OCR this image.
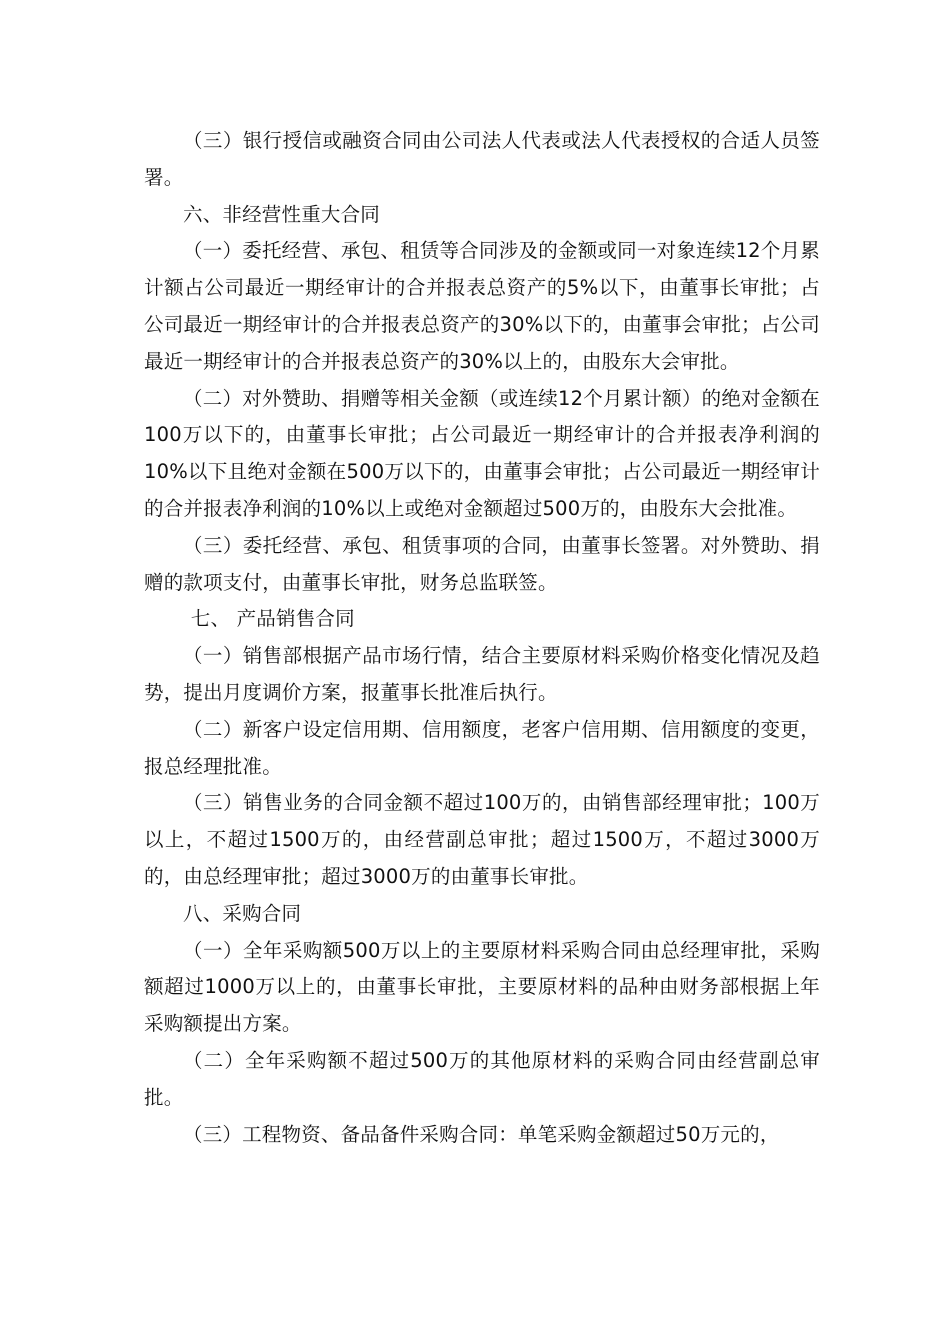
（三）银行授信或融资合同由公司法人代表或法人代表授权的合适人员签署。

六、非经营性重大合同

（一）委托经营、承包、租赁等合同涉及的金额或同一对象连续12个月累计额占公司最近一期经审计的合并报表总资产的5%以下，由董事长审批；占公司最近一期经审计的合并报表总资产的30%以下的，由董事会审批；占公司最近一期经审计的合并报表总资产的30%以上的，由股东大会审批。

（二）对外赞助、捐赠等相关金额（或连续12个月累计额）的绝对金额在100万以下的，由董事长审批；占公司最近一期经审计的合并报表净利润的10%以下且绝对金额在500万以下的，由董事会审批；占公司最近一期经审计的合并报表净利润的10%以上或绝对金额超过500万的，由股东大会批准。

（三）委托经营、承包、租赁事项的合同，由董事长签署。对外赞助、捐赠的款项支付，由董事长审批，财务总监联签。

七、 产品销售合同

（一）销售部根据产品市场行情，结合主要原材料采购价格变化情况及趋势，提出月度调价方案，报董事长批准后执行。

（二）新客户设定信用期、信用额度，老客户信用期、信用额度的变更，报总经理批准。

（三）销售业务的合同金额不超过100万的，由销售部经理审批；100万以上，不超过1500万的，由经营副总审批；超过1500万，不超过3000万的，由总经理审批；超过3000万的由董事长审批。

八、采购合同

（一）全年采购额500万以上的主要原材料采购合同由总经理审批，采购额超过1000万以上的，由董事长审批，主要原材料的品种由财务部根据上年采购额提出方案。

（二）全年采购额不超过500万的其他原材料的采购合同由经营副总审批。

（三）工程物资、备品备件采购合同：单笔采购金额超过50万元的，
